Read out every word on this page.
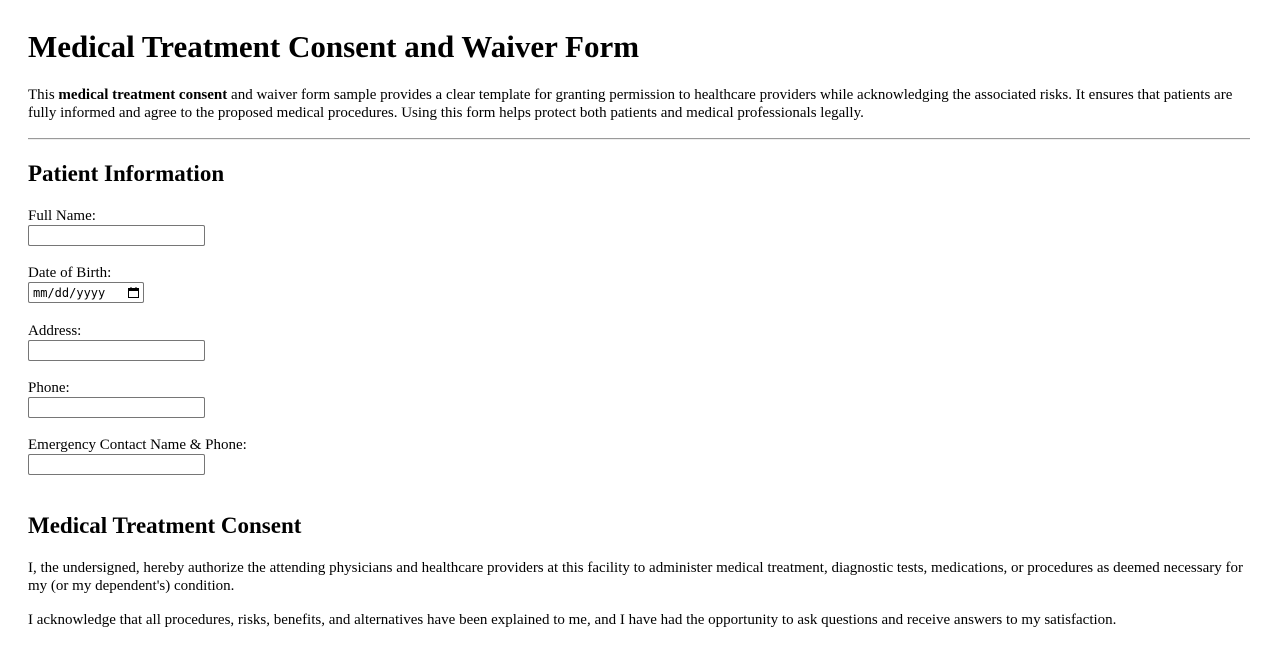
Medical Treatment Consent and Waiver Form

This medical treatment consent and waiver form sample provides a clear template for granting permission to healthcare providers while acknowledging the associated risks. It ensures that patients are fully informed and agree to the proposed medical procedures. Using this form helps protect both patients and medical professionals legally.

Patient Information
Full Name:
Date of Birth:
mm/dd/yyyy
Address:
Phone:
Emergency Contact Name & Phone:
Medical Treatment Consent

I, the undersigned, hereby authorize the attending physicians and healthcare providers at this facility to administer medical treatment, diagnostic tests, medications, or procedures as deemed necessary for my (or my dependent's) condition.

I acknowledge that all procedures, risks, benefits, and alternatives have been explained to me, and I have had the opportunity to ask questions and receive answers to my satisfaction.
